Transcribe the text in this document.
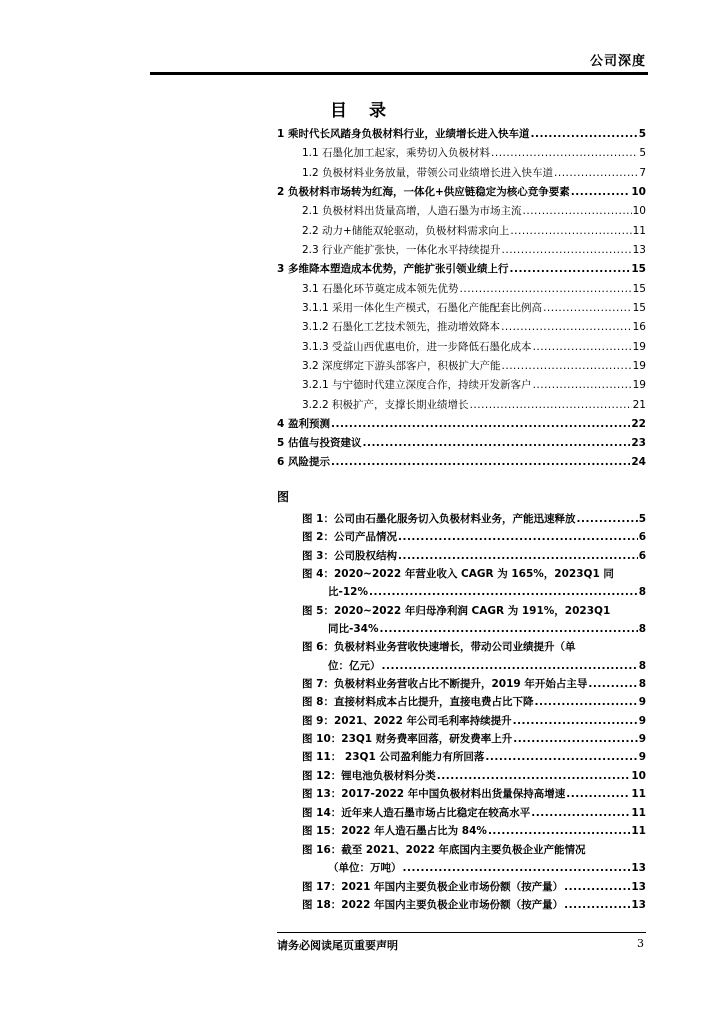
公司深度
目 录
1 乘时代长风踏身负极材料行业，业绩增长进入快车道 .....	5
1.1 石墨化加工起家，乘势切入负极材料 .....	5
1.2 负极材料业务放量，带领公司业绩增长进入快车道 .....	7
2 负极材料市场转为红海，一体化+供应链稳定为核心竞争要素 .....	10
2.1 负极材料出货量高增，人造石墨为市场主流 .....	10
2.2 动力+储能双轮驱动，负极材料需求向上 .....	11
2.3 行业产能扩张快，一体化水平持续提升 .....	13
3 多维降本塑造成本优势，产能扩张引领业绩上行 .....	15
3.1 石墨化环节奠定成本领先优势 .....	15
3.1.1 采用一体化生产模式，石墨化产能配套比例高 .....	15
3.1.2 石墨化工艺技术领先，推动增效降本 .....	16
3.1.3 受益山西优惠电价，进一步降低石墨化成本 .....	19
3.2 深度绑定下游头部客户，积极扩大产能 .....	19
3.2.1 与宁德时代建立深度合作，持续开发新客户 .....	19
3.2.2 积极扩产，支撑长期业绩增长 .....	21
4 盈利预测 .....	22
5 估值与投资建议 .....	23
6 风险提示 .....	24
图
图 1：公司由石墨化服务切入负极材料业务，产能迅速释放 .....	5
图 2：公司产品情况 .....	6
图 3：公司股权结构 .....	6
图 4：2020~2022 年营业收入 CAGR 为 165%，2023Q1 同
比-12% .....	8
图 5：2020~2022 年归母净利润 CAGR 为 191%，2023Q1
同比-34% .....	8
图 6：负极材料业务营收快速增长，带动公司业绩提升（单
位：亿元） .....	8
图 7：负极材料业务营收占比不断提升，2019 年开始占主导 .....	8
图 8：直接材料成本占比提升，直接电费占比下降 .....	9
图 9：2021、2022 年公司毛利率持续提升 .....	9
图 10：23Q1 财务费率回落，研发费率上升 .....	9
图 11： 23Q1 公司盈利能力有所回落 .....	9
图 12：锂电池负极材料分类 .....	10
图 13：2017-2022 年中国负极材料出货量保持高增速 .....	11
图 14：近年来人造石墨市场占比稳定在较高水平 .....	11
图 15：2022 年人造石墨占比为 84% .....	11
图 16：截至 2021、2022 年底国内主要负极企业产能情况
（单位：万吨） .....	13
图 17：2021 年国内主要负极企业市场份额（按产量） .....	13
图 18：2022 年国内主要负极企业市场份额（按产量） .....	13
请务必阅读尾页重要声明	3
